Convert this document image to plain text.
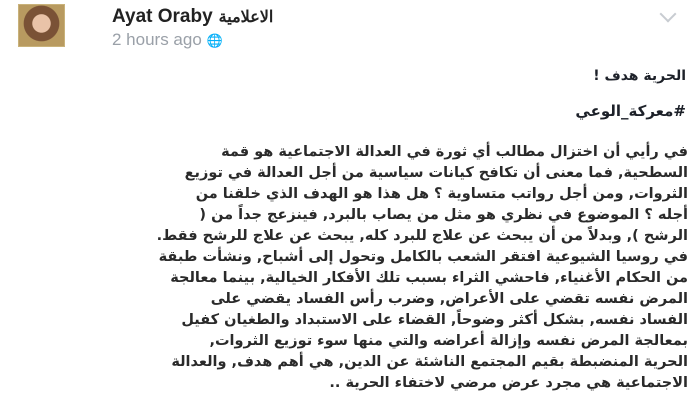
Ayat Oraby الاعلامية
2 hours ago 🌐
الحرية هدف !
#معركة_الوعي
في رأيي أن اختزال مطالب أي ثورة في العدالة الاجتماعية هو قمة
السطحية, فما معنى أن تكافح كيانات سياسية من أجل العدالة في توزيع
الثروات, ومن أجل رواتب متساوية ؟ هل هذا هو الهدف الذي خلقنا من
أجله ؟ الموضوع في نظري هو مثل من يصاب بالبرد, فينزعج جداً من (
الرشح ), وبدلاً من أن يبحث عن علاج للبرد كله, يبحث عن علاج للرشح فقط.
في روسيا الشيوعية افتقر الشعب بالكامل وتحول إلى أشباح, ونشأت طبقة
من الحكام الأغنياء, فاحشي الثراء بسبب تلك الأفكار الخيالية, بينما معالجة
المرض نفسه تقضي على الأعراض, وضرب رأس الفساد يقضي على
الفساد نفسه, بشكل أكثر وضوحاً, القضاء على الاستبداد والطغيان كفيل
بمعالجة المرض نفسه وإزالة أعراضه والتي منها سوء توزيع الثروات,
الحرية المنضبطة بقيم المجتمع الناشئة عن الدين, هي أهم هدف, والعدالة
الاجتماعية هي مجرد عرض مرضي لاختفاء الحرية ..
